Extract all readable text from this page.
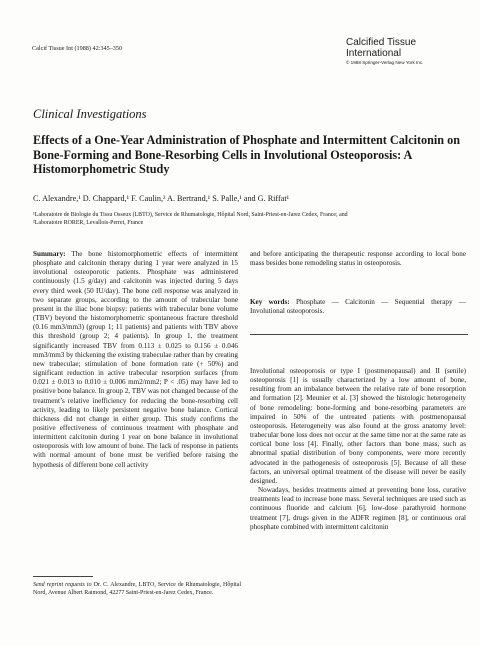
Calcif Tissue Int (1988) 42:345–350
Calcified Tissue
International
© 1988 Springer-Verlag New York Inc.
Clinical Investigations
Effects of a One-Year Administration of Phosphate and Intermittent Calcitonin on Bone-Forming and Bone-Resorbing Cells in Involutional Osteoporosis: A Histomorphometric Study
C. Alexandre,¹ D. Chappard,¹ F. Caulin,² A. Bertrand,¹ S. Palle,¹ and G. Riffat¹
¹Laboratoire de Biologie du Tissu Osseux (LBTO), Service de Rhumatologie, Hôpital Nord, Saint-Priest-en-Jarez Cedex, France; and
²Laboratoire RORER, Levallois-Perret, France
Summary: The bone histomorphometric effects of intermittent phosphate and calcitonin therapy during 1 year were analyzed in 15 involutional osteoporotic patients. Phosphate was administered continuously (1.5 g/day) and calcitonin was injected during 5 days every third week (50 IU/day). The bone cell response was analyzed in two separate groups, according to the amount of trabecular bone present in the iliac bone biopsy: patients with trabecular bone volume (TBV) beyond the histomorphometric spontaneous fracture threshold (0.16 mm3/mm3) (group 1; 11 patients) and patients with TBV above this threshold (group 2; 4 patients). In group 1, the treatment significantly increased TBV from 0.113 ± 0.025 to 0.156 ± 0.046 mm3/mm3 by thickening the existing trabeculae rather than by creating new trabeculae; stimulation of bone formation rate (+ 50%) and significant reduction in active trabecular resorption surfaces (from 0.021 ± 0.013 to 0.010 ± 0.006 mm2/mm2; P < .05) may have led to positive bone balance. In group 2, TBV was not changed because of the treatment’s relative inefficiency for reducing the bone-resorbing cell activity, leading to likely persistent negative bone balance. Cortical thickness did not change in either group. This study confirms the positive effectiveness of continuous treatment with phosphate and intermittent calcitonin during 1 year on bone balance in involutional osteoporosis with low amount of bone. The lack of response in patients with normal amount of bone must be verified before raising the hypothesis of different bone cell activity
and before anticipating the therapeutic response according to local bone mass besides bone remodeling status in osteoporosis.
Key words: Phosphate — Calcitonin — Sequential therapy — Involutional osteoporosis.
Involutional osteoporosis or type I (postmenopausal) and II (senile) osteoporosis [1] is usually characterized by a low amount of bone, resulting from an imbalance between the relative rate of bone resorption and formation [2]. Meunier et al. [3] showed the histologic heterogeneity of bone remodeling: bone-forming and bone-resorbing parameters are impaired in 50% of the untreated patients with postmenopausal osteoporosis. Heterogeneity was also found at the gross anatomy level: trabecular bone loss does not occur at the same time nor at the same rate as cortical bone loss [4]. Finally, other factors than bone mass, such as abnormal spatial distribution of bony components, were more recently advocated in the pathogenesis of osteoporosis [5]. Because of all these factors, an universal optimal treatment of the disease will never be easily designed.
Nowadays, besides treatments aimed at preventing bone loss, curative treatments lead to increase bone mass. Several techniques are used such as continuous fluoride and calcium [6], low-dose parathyroid hormone treatment [7], drugs given in the ADFR regimen [8], or continuous oral phosphate combined with intermittent calcitonin
Send reprint requests to Dr. C. Alexandre, LBTO, Service de Rhumatologie, Hôpital Nord, Avenue Albert Raimond, 42277 Saint-Priest-en-Jarez Cedex, France.
